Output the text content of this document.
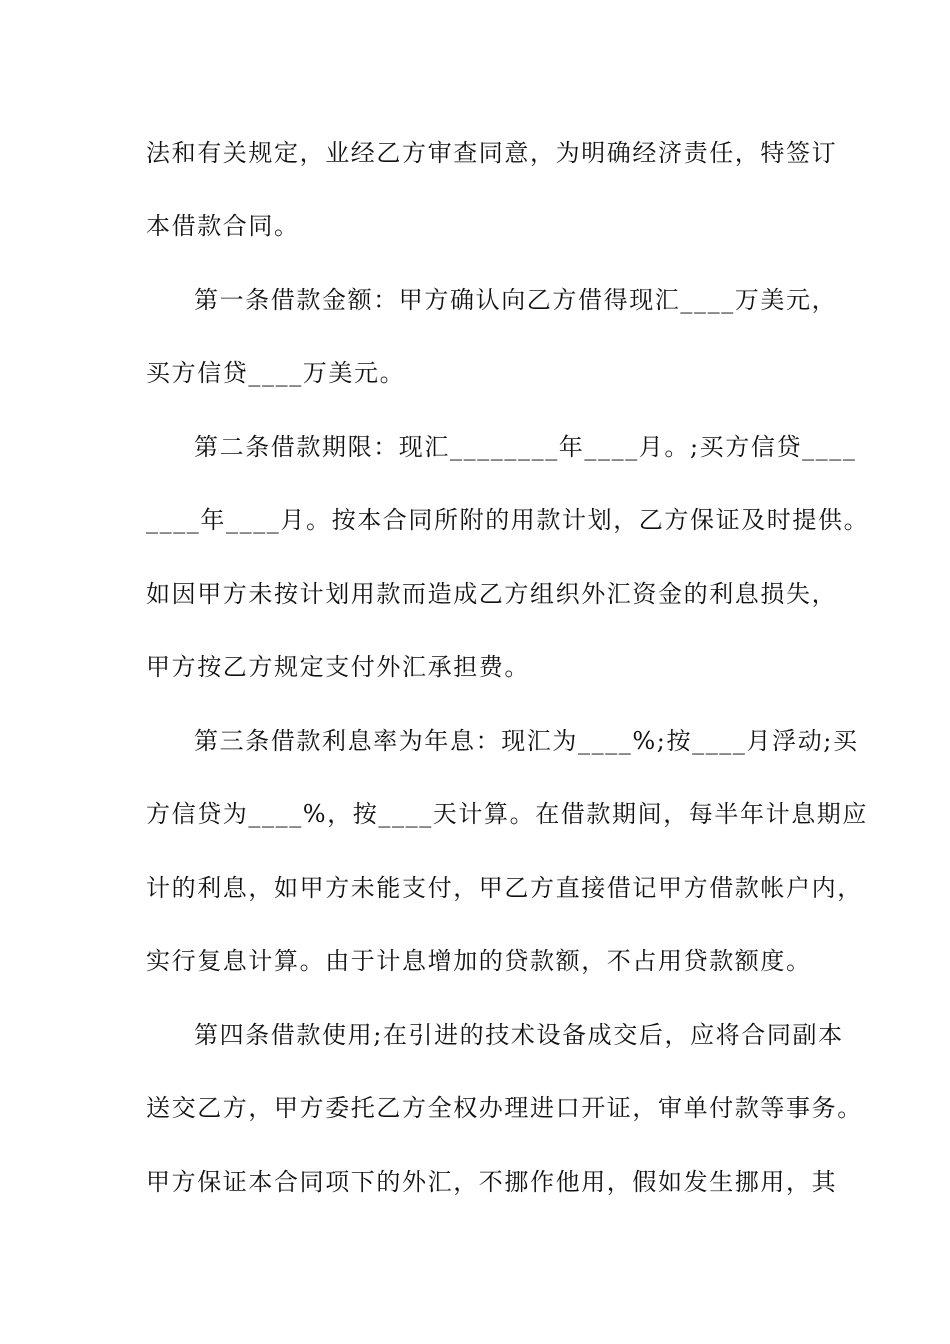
法和有关规定，业经乙方审查同意，为明确经济责任，特签订

本借款合同。

第一条借款金额：甲方确认向乙方借得现汇____万美元，

买方信贷____万美元。

第二条借款期限：现汇________年____月。;买方信贷____

____年____月。按本合同所附的用款计划，乙方保证及时提供。

如因甲方未按计划用款而造成乙方组织外汇资金的利息损失，

甲方按乙方规定支付外汇承担费。

第三条借款利息率为年息：现汇为____%;按____月浮动;买

方信贷为____%，按____天计算。在借款期间，每半年计息期应

计的利息，如甲方未能支付，甲乙方直接借记甲方借款帐户内，

实行复息计算。由于计息增加的贷款额，不占用贷款额度。

第四条借款使用;在引进的技术设备成交后，应将合同副本

送交乙方，甲方委托乙方全权办理进口开证，审单付款等事务。

甲方保证本合同项下的外汇，不挪作他用，假如发生挪用，其
